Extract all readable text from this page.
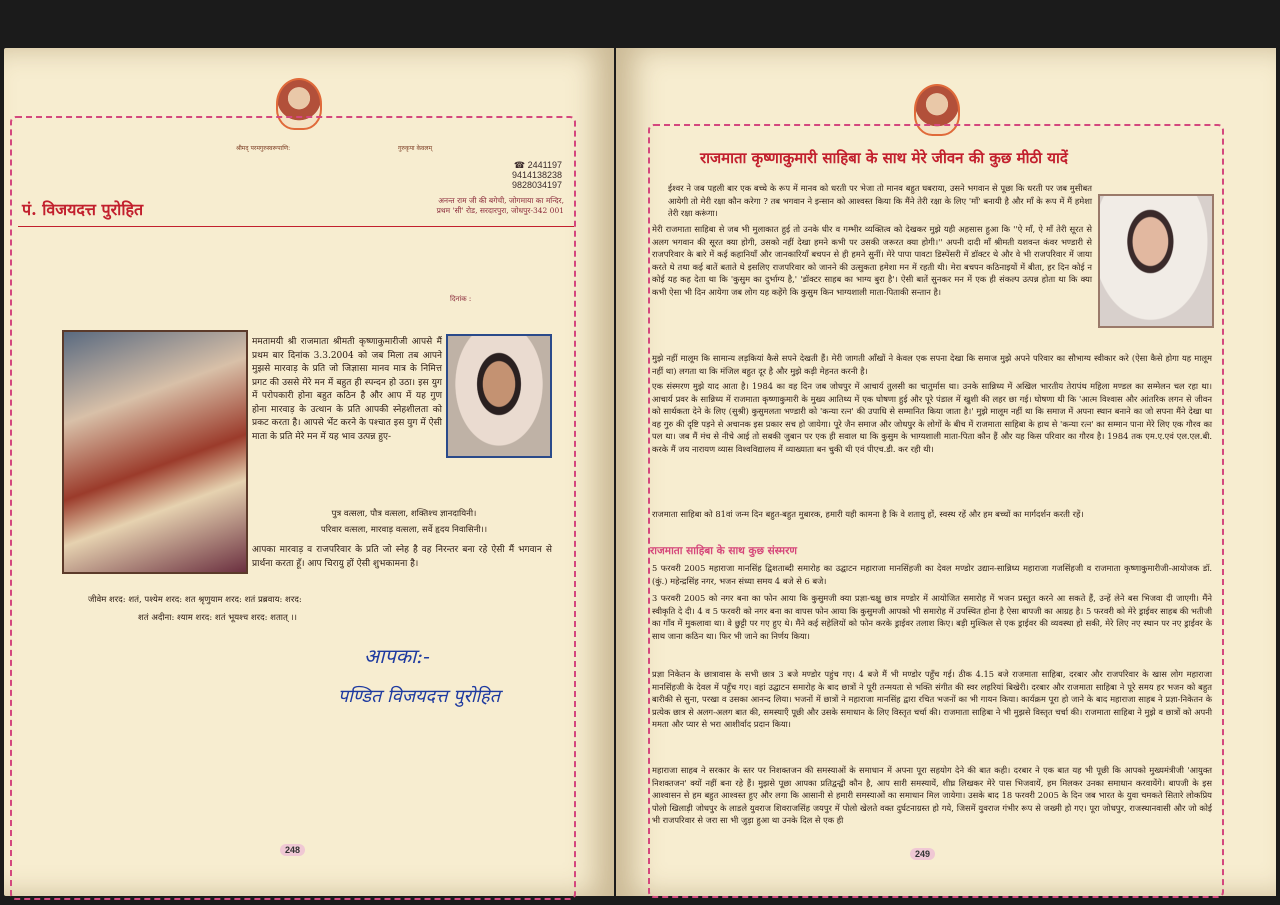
श्रीमद् परमगुरुस्वरूपाणि:	गुरुकृपा केवलम्
☎ 2441197
9414138238
9828034197
पं. विजयदत्त पुरोहित	अनन्त राम जी की बगेची, जोगमाया का मन्दिर,
प्रथम 'सी' रोड, सरदारपुरा, जोधपुर-342 001
दिनांक :
ममतामयी श्री राजमाता श्रीमती कृष्णाकुमारीजी आपसे मैं प्रथम बार दिनांक 3.3.2004 को जब मिला तब आपने मुझसे मारवाड़ के प्रति जो जिज्ञासा मानव मात्र के निमित्त प्रगट की उससे मेरे मन में बहुत ही स्पन्दन हो उठा। इस युग में परोपकारी होना बहुत कठिन है और आप में यह गुण होना मारवाड़ के उत्थान के प्रति आपकी स्नेहशीलता को प्रकट करता है। आपसे भेंट करने के पश्चात इस युग में ऐसी माता के प्रति मेरे मन में यह भाव उत्पन्न हुए-
पुत्र वत्सला, पौत्र वत्सला, शक्तिश्च ज्ञानदायिनी।
परिवार वत्सला, मारवाड़ वत्सला, सर्वे हृदय निवासिनी।।
आपका मारवाड़ व राजपरिवार के प्रति जो स्नेह है वह निरन्तर बना रहे ऐसी मैं भगवान से प्रार्थना करता हूँ। आप चिरायु हों ऐसी शुभकामना है।
जीवेम शरद: शतं, पश्येम शरद: शत श्रृणुयाम शरद: शतं प्रब्रवाय: शरद:
शतं अदीना: श्याम शरद: शतं भूयश्च शरद: शतात् ।।
आपका:-
पण्डित विजयदत्त पुरोहित
248
राजमाता कृष्णाकुमारी साहिबा के साथ मेरे जीवन की कुछ मीठी यादें
ईश्वर ने जब पहली बार एक बच्चे के रूप में मानव को धरती पर भेजा तो मानव बहुत घबराया, उसने भगवान से पूछा कि धरती पर जब मुसीबत आयेगी तो मेरी रक्षा कौन करेगा ? तब भगवान ने इन्सान को आश्वस्त किया कि मैंने तेरी रक्षा के लिए 'माँ' बनायी है और माँ के रूप में मैं हमेशा तेरी रक्षा करूंगा।
मेरी राजमाता साहिबा से जब भी मुलाकात हुई तो उनके धीर व गम्भीर व्यक्तित्व को देखकर मुझे यही अहसास हुआ कि ''ऐ माँ, ऐ माँ तेरी सूरत से अलग भगवान की सूरत क्या होगी, उसको नहीं देखा हमने कभी पर उसकी जरूरत क्या होगी।'' अपनी दादी माँ श्रीमती यशवन्त कंवर भण्डारी से राजपरिवार के बारे में कई कहानियाँ और जानकारियाँ बचपन से ही हमने सुनीं। मेरे पापा पावटा डिस्पेंसरी में डॉक्टर थे और वे भी राजपरिवार में जाया करते थे तथा कई बातें बताते थे इसलिए राजपरिवार को जानने की उत्सुकता हमेशा मन में रहती थी। मेरा बचपन कठिनाइयों में बीता, हर दिन कोई न कोई यह कह देता था कि 'कुसुम का दुर्भाग्य है,' 'डॉक्टर साहब का भाग्य बुरा है'। ऐसी बातें सुनकर मन में एक ही संकल्प उत्पन्न होता था कि क्या कभी ऐसा भी दिन आयेगा जब लोग यह कहेंगे कि कुसुम किन भाग्यशाली माता-पिताकी सन्तान है।
मुझे नहीं मालूम कि सामान्य लड़कियां कैसे सपने देखती हैं। मेरी जागती आँखों ने केवल एक सपना देखा कि समाज मुझे अपने परिवार का सौभाग्य स्वीकार करे (ऐसा कैसे होगा यह मालूम नहीं था) लगता था कि मंजिल बहुत दूर है और मुझे कड़ी मेहनत करनी है।
एक संस्मरण मुझे याद आता है। 1984 का वह दिन जब जोधपुर में आचार्य तुलसी का चातुर्मास था। उनके सान्निध्य में अखिल भारतीय तेरापंथ महिला मण्डल का सम्मेलन चल रहा था। आचार्य प्रवर के सान्निध्य में राजमाता कृष्णाकुमारी के मुख्य आतिथ्य में एक घोषणा हुई और पूरे पंडाल में खुशी की लहर छा गई। घोषणा थी कि 'आत्म विश्वास और आंतरिक लगन से जीवन को सार्थकता देने के लिए (सुश्री) कुसुमलता भण्डारी को 'कन्या रत्न' की उपाधि से सम्मानित किया जाता है।' मुझे मालूम नहीं था कि समाज में अपना स्थान बनाने का जो सपना मैंने देखा था वह गुरु की दृष्टि पड़ने से अचानक इस प्रकार सच हो जायेगा। पूरे जैन समाज और जोधपुर के लोगों के बीच में राजमाता साहिबा के हाथ से 'कन्या रत्न' का सम्मान पाना मेरे लिए एक गौरव का पल था। जब मैं मंच से नीचे आई तो सबकी जुबान पर एक ही सवाल था कि कुसुम के भाग्यशाली माता-पिता कौन हैं और यह किस परिवार का गौरव है। 1984 तक एम.ए.एवं एल.एल.बी. करके मैं जय नारायण व्यास विश्वविद्यालय में व्याख्याता बन चुकी थी एवं पीएच.डी. कर रही थी।
राजमाता साहिबा को 81वां जन्म दिन बहुत-बहुत मुबारक, हमारी यही कामना है कि वे शतायु हों, स्वस्थ रहें और हम बच्चों का मार्गदर्शन करती रहें।
राजमाता साहिबा के साथ कुछ संस्मरण
5 फरवरी 2005 महाराजा मानसिंह द्विशताब्दी समारोह का उद्घाटन महाराजा मानसिंहजी का देवल मण्डोर उद्यान-सान्निध्य महाराजा गजसिंहजी व राजमाता कृष्णाकुमारीजी-आयोजक डॉ. (कुं.) महेन्द्रसिंह नगर, भजन संध्या समय 4 बजे से 6 बजे।
3 फरवरी 2005 को नगर बना का फोन आया कि कुसुमजी क्या प्रज्ञा-चक्षु छात्र मण्डोर में आयोजित समारोह में भजन प्रस्तुत करने आ सकते हैं, उन्हें लेने बस भिजवा दी जाएगी। मैंने स्वीकृति दे दी। 4 व 5 फरवरी को नगर बना का वापस फोन आया कि कुसुमजी आपको भी समारोह में उपस्थित होना है ऐसा बापजी का आग्रह है। 5 फरवरी को मेरे ड्राईवर साहब की भतीजी का गाँव में मुकलावा था। वे छुट्टी पर गए हुए थे। मैंने कई सहेलियों को फोन करके ड्राईवर तलाश किए। बड़ी मुश्किल से एक ड्राईवर की व्यवस्था हो सकी, मेरे लिए नए स्थान पर नए ड्राईवर के साथ जाना कठिन था। फिर भी जाने का निर्णय किया।
प्रज्ञा निकेतन के छात्रावास के सभी छात्र 3 बजे मण्डोर पहुंच गए। 4 बजे मैं भी मण्डोर पहुँच गई। ठीक 4.15 बजे राजमाता साहिबा, दरबार और राजपरिवार के खास लोग महाराजा मानसिंहजी के देवल में पहुँच गए। वहां उद्घाटन समारोह के बाद छात्रों ने पूरी तन्मयता से भक्ति संगीत की स्वर लहरियां बिखेरी। दरबार और राजमाता साहिबा ने पूरे समय हर भजन को बहुत बारीकी से सुना, परखा व उसका आनन्द लिया। भजनों में छात्रों ने महाराजा मानसिंह द्वारा रचित भजनों का भी गायन किया। कार्यक्रम पूरा हो जाने के बाद महाराजा साहब ने प्रज्ञा-निकेतन के प्रत्येक छात्र से अलग-अलग बात की, समस्याएँ पूछी और उसके समाधान के लिए विस्तृत चर्चा की। राजमाता साहिबा ने भी मुझसे विस्तृत चर्चा की। राजमाता साहिबा ने मुझे व छात्रों को अपनी ममता और प्यार से भरा आशीर्वाद प्रदान किया।
महाराजा साहब ने सरकार के स्तर पर निशक्तजन की समस्याओं के समाधान में अपना पूरा सहयोग देने की बात कही। दरबार ने एक बात यह भी पूछी कि आपको मुख्यमंत्रीजी 'आयुक्त निशक्तजन' क्यों नहीं बना रहे हैं। मुझसे पूछा आपका प्रतिद्वन्द्वी कौन है, आप सारी समस्यायें, शीघ्र लिखकर मेरे पास भिजवायें, हम मिलकर उनका समाधान करवायेंगे। बापजी के इस आश्वासन से हम बहुत आश्वस्त हुए और लगा कि आसानी से हमारी समस्याओं का समाधान मिल जायेगा। उसके बाद 18 फरवरी 2005 के दिन जब भारत के युवा चमकते सितारे लोकप्रिय पोलो खिलाड़ी जोधपुर के लाडले युवराज शिवराजसिंह जयपुर में पोलो खेलते वक्त दुर्घटनाग्रस्त हो गये, जिसमें युवराज गंभीर रूप से जख्मी हो गए। पूरा जोधपुर, राजस्थानवासी और जो कोई भी राजपरिवार से जरा सा भी जुड़ा हुआ था उनके दिल से एक ही
249
